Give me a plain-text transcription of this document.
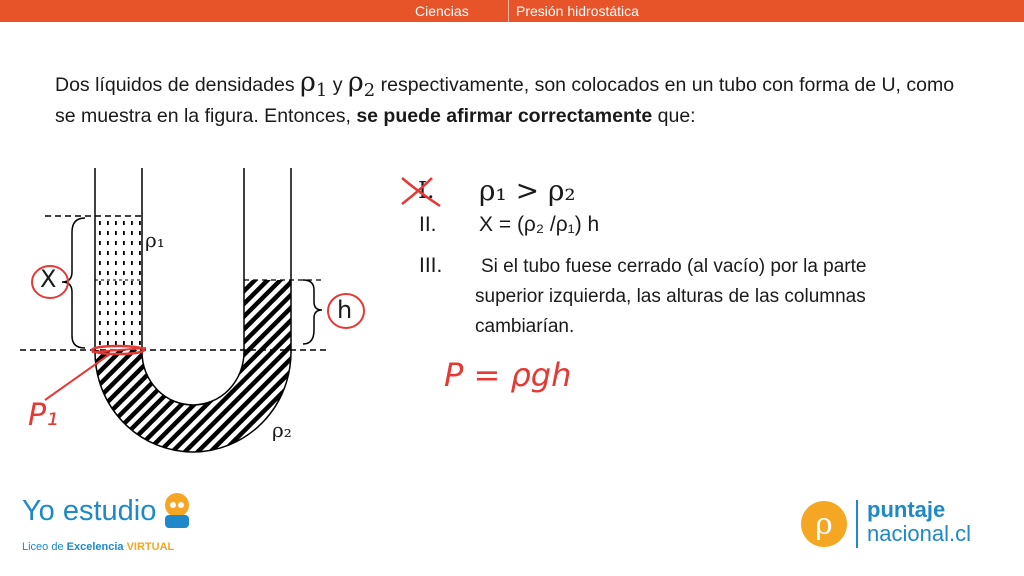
Ciencias	Presión hidrostática
Dos líquidos de densidades ρ1 y ρ2 respectivamente, son colocados en un tubo con forma de U, como se muestra en la figura. Entonces, se puede afirmar correctamente que:
I. ρ₁ > ρ₂
II. X = (ρ₂ /ρ₁) h
III. Si el tubo fuese cerrado (al vacío) por la parte
superior izquierda, las alturas de las columnas
cambiarían.
P = ρgh
X
h
P₁
ρ₁
ρ₂
Yo estudio
Liceo de Excelencia VIRTUAL
ρ puntaje
nacional.cl
